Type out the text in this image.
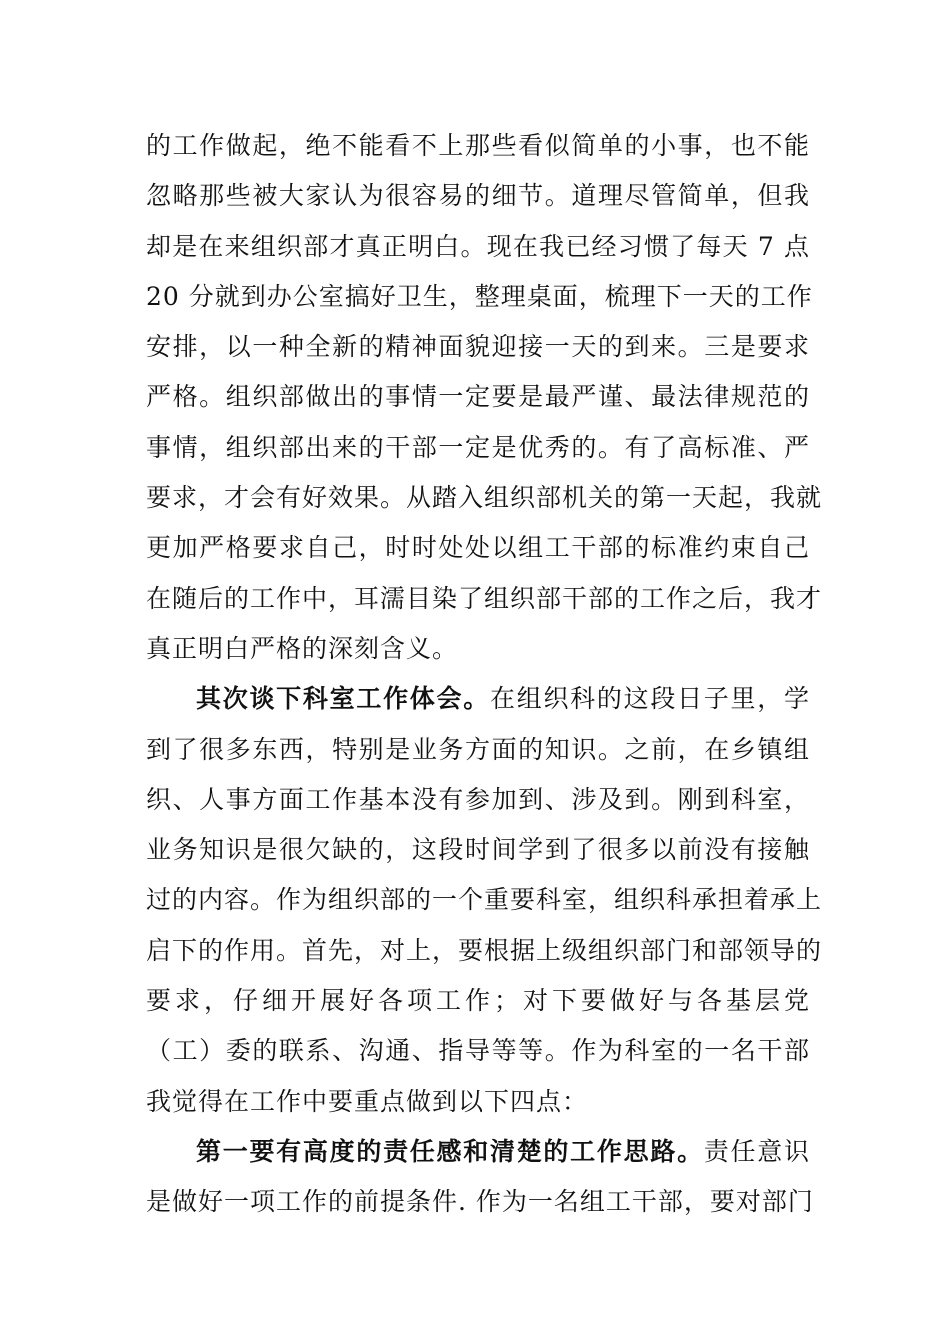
的工作做起，绝不能看不上那些看似简单的小事，也不能
忽略那些被大家认为很容易的细节。道理尽管简单，但我
却是在来组织部才真正明白。现在我已经习惯了每天 7 点
20 分就到办公室搞好卫生，整理桌面，梳理下一天的工作
安排，以一种全新的精神面貌迎接一天的到来。三是要求
严格。组织部做出的事情一定要是最严谨、最法律规范的
事情，组织部出来的干部一定是优秀的。有了高标准、严
要求，才会有好效果。从踏入组织部机关的第一天起，我就
更加严格要求自己，时时处处以组工干部的标准约束自己
在随后的工作中，耳濡目染了组织部干部的工作之后，我才
真正明白严格的深刻含义。
其次谈下科室工作体会。在组织科的这段日子里，学
到了很多东西，特别是业务方面的知识。之前，在乡镇组
织、人事方面工作基本没有参加到、涉及到。刚到科室，
业务知识是很欠缺的，这段时间学到了很多以前没有接触
过的内容。作为组织部的一个重要科室，组织科承担着承上
启下的作用。首先，对上，要根据上级组织部门和部领导的
要求，仔细开展好各项工作；对下要做好与各基层党
（工）委的联系、沟通、指导等等。作为科室的一名干部
我觉得在工作中要重点做到以下四点：
第一要有高度的责任感和清楚的工作思路。责任意识
是做好一项工作的前提条件. 作为一名组工干部，要对部门
